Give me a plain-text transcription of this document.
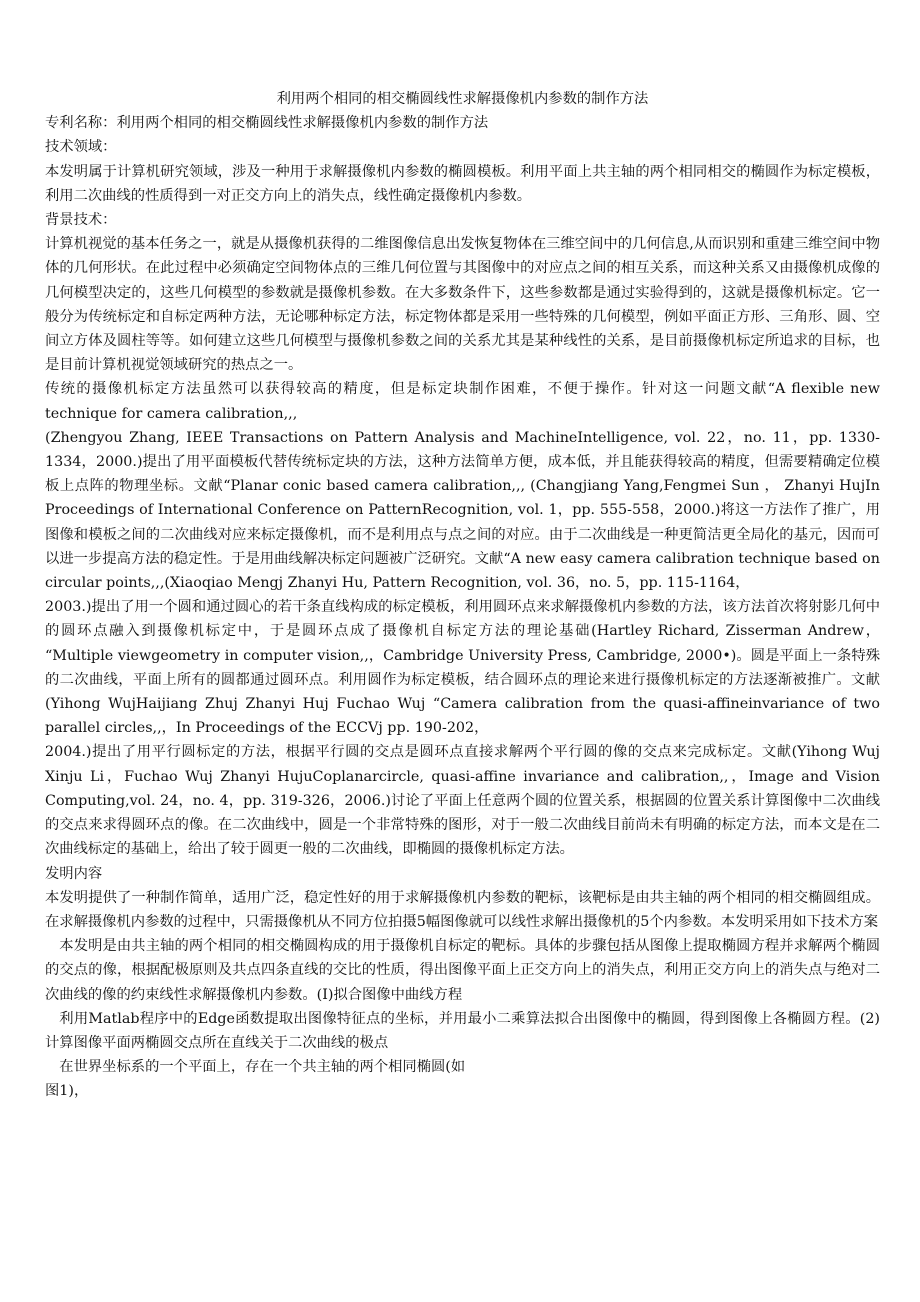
利用两个相同的相交椭圆线性求解摄像机内参数的制作方法

专利名称：利用两个相同的相交椭圆线性求解摄像机内参数的制作方法

技术领域：

本发明属于计算机研究领域，涉及一种用于求解摄像机内参数的椭圆模板。利用平面上共主轴的两个相同相交的椭圆作为标定模板，利用二次曲线的性质得到一对正交方向上的消失点，线性确定摄像机内参数。

背景技术：

计算机视觉的基本任务之一，就是从摄像机获得的二维图像信息出发恢复物体在三维空间中的几何信息,从而识别和重建三维空间中物体的几何形状。在此过程中必须确定空间物体点的三维几何位置与其图像中的对应点之间的相互关系，而这种关系又由摄像机成像的几何模型决定的，这些几何模型的参数就是摄像机参数。在大多数条件下，这些参数都是通过实验得到的，这就是摄像机标定。它一般分为传统标定和自标定两种方法，无论哪种标定方法，标定物体都是采用一些特殊的几何模型，例如平面正方形、三角形、圆、空 间立方体及圆柱等等。如何建立这些几何模型与摄像机参数之间的关系尤其是某种线性的关系，是目前摄像机标定所追求的目标，也是目前计算机视觉领域研究的热点之一。

传统的摄像机标定方法虽然可以获得较高的精度，但是标定块制作困难，不便于操作。针对这一问题文献“A flexible new technique for camera calibration,,,

(Zhengyou Zhang, IEEE Transactions on Pattern Analysis and MachineIntelligence, vol. 22，no. 11，pp. 1330-1334，2000.)提出了用平面模板代替传统标定块的方法，这种方法简单方便，成本低，并且能获得较高的精度，但需要精确定位模板上点阵的物理坐标。文献“Planar conic based camera calibration,,, (Changjiang Yang,Fengmei Sun ， Zhanyi HujIn Proceedings of International Conference on PatternRecognition, vol. 1，pp. 555-558，2000.)将这一方法作了推广，用图像和模板之间的二次曲线对应来标定摄像机，而不是利用点与点之间的对应。由于二次曲线是一种更简洁更全局化的基元，因而可以进一步提高方法的稳定性。于是用曲线解决标定问题被广泛研究。文献“A new easy camera calibration technique based on circular points,,,(Xiaoqiao Mengj Zhanyi Hu, Pattern Recognition, vol. 36，no. 5，pp. 115-1164，

2003.)提出了用一个圆和通过圆心的若干条直线构成的标定模板，利用圆环点来求解摄像机内参数的方法，该方法首次将射影几何中的圆环点融入到摄像机标定中，于是圆环点成了摄像机自标定方法的理论基础(Hartley Richard, Zisserman Andrew， “Multiple viewgeometry in computer vision,,，Cambridge University Press, Cambridge, 2000•)。圆是平面上一条特殊的二次曲线，平面上所有的圆都通过圆环点。利用圆作为标定模板，结合圆环点的理论来进行摄像机标定的方法逐渐被推广。文献(Yihong WujHaijiang Zhuj Zhanyi Huj Fuchao Wuj “Camera calibration from the quasi-affineinvariance of two parallel circles,,，In Proceedings of the ECCVj pp. 190-202，

2004.)提出了用平行圆标定的方法，根据平行圆的交点是圆环点直接求解两个平行圆的像的交点来完成标定。文献(Yihong Wuj Xinju Li，Fuchao Wuj Zhanyi HujuCoplanarcircle, quasi-affine invariance and calibration,,，Image and Vision Computing,vol. 24，no. 4，pp. 319-326，2006.)讨论了平面上任意两个圆的位置关系，根据圆的位置关系计算图像中二次曲线的交点来求得圆环点的像。在二次曲线中，圆是一个非常特殊的图形，对于一般二次曲线目前尚未有明确的标定方法，而本文是在二次曲线标定的基础上，给出了较于圆更一般的二次曲线，即椭圆的摄像机标定方法。

发明内容

本发明提供了一种制作简单，适用广泛，稳定性好的用于求解摄像机内参数的靶标，该靶标是由共主轴的两个相同的相交椭圆组成。在求解摄像机内参数的过程中，只需摄像机从不同方位拍摄5幅图像就可以线性求解出摄像机的5个内参数。本发明采用如下技术方案

本发明是由共主轴的两个相同的相交椭圆构成的用于摄像机自标定的靶标。具体的步骤包括从图像上提取椭圆方程并求解两个椭圆的交点的像，根据配极原则及共点四条直线的交比的性质，得出图像平面上正交方向上的消失点，利用正交方向上的消失点与绝对二次曲线的像的约束线性求解摄像机内参数。(I)拟合图像中曲线方程

利用Matlab程序中的Edge函数提取出图像特征点的坐标，并用最小二乘算法拟合出图像中的椭圆，得到图像上各椭圆方程。(2)计算图像平面两椭圆交点所在直线关于二次曲线的极点

在世界坐标系的一个平面上，存在一个共主轴的两个相同椭圆(如

图1)，
